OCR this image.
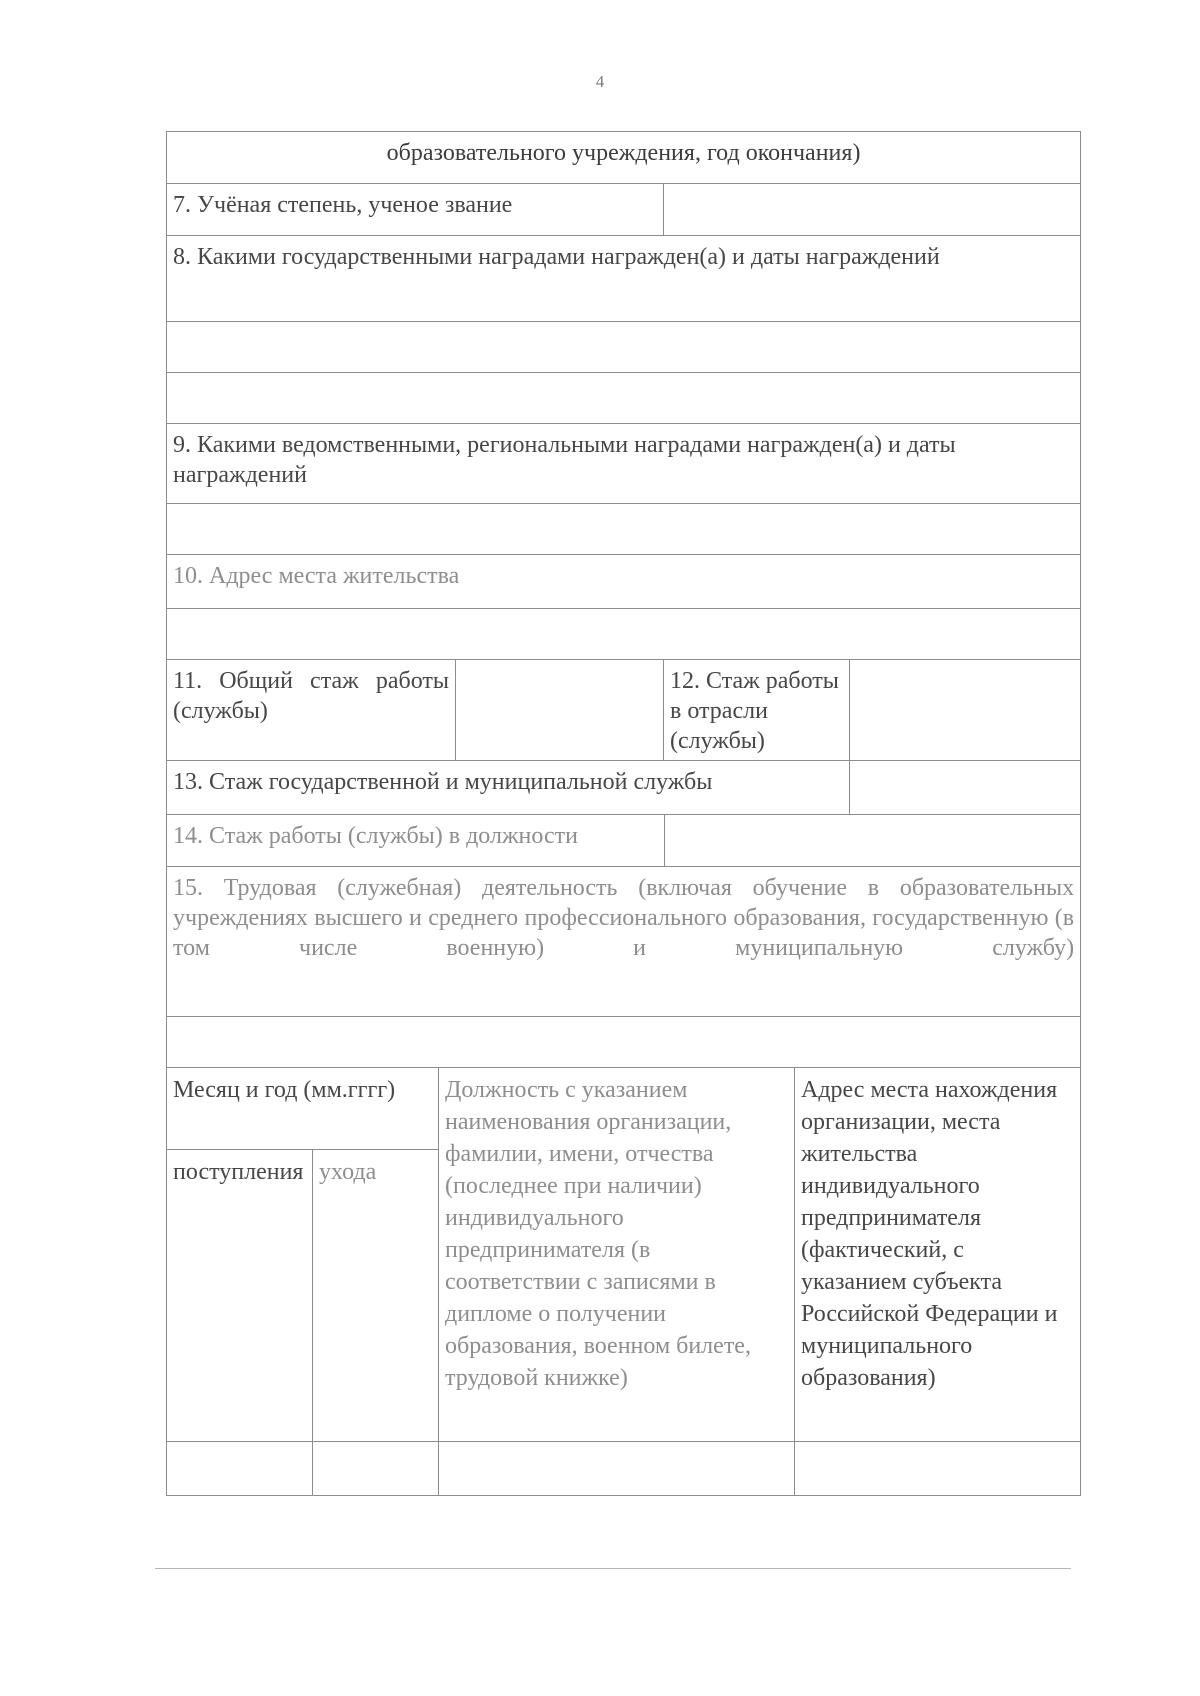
4
образовательного учреждения, год окончания)						
7. Учёная степень, ученое звание						
8. Какими государственными наградами награжден(а) и даты награждений						

9. Какими ведомственными, региональными наградами награжден(а) и даты награждений						

10. Адрес места жительства						

11. Общий стаж работы (службы)				12. Стаж работы в отрасли (службы)		
13. Стаж государственной и муниципальной службы						
14. Стаж работы (службы) в должности						
15. Трудовая (служебная) деятельность (включая обучение в образовательных учреждениях высшего и среднего профессионального образования, государственную (в том числе военную) и муниципальную службу)						

Месяц и год (мм.гггг)		Должность с указанием наименования организации, фамилии, имени, отчества (последнее при наличии) индивидуального предпринимателя (в соответствии с записями в дипломе о получении образования, военном билете, трудовой книжке)			Адрес места нахождения организации, места жительства индивидуального предпринимателя (фактический, с указанием субъекта Российской Федерации и муниципального образования)	
поступления	ухода					
